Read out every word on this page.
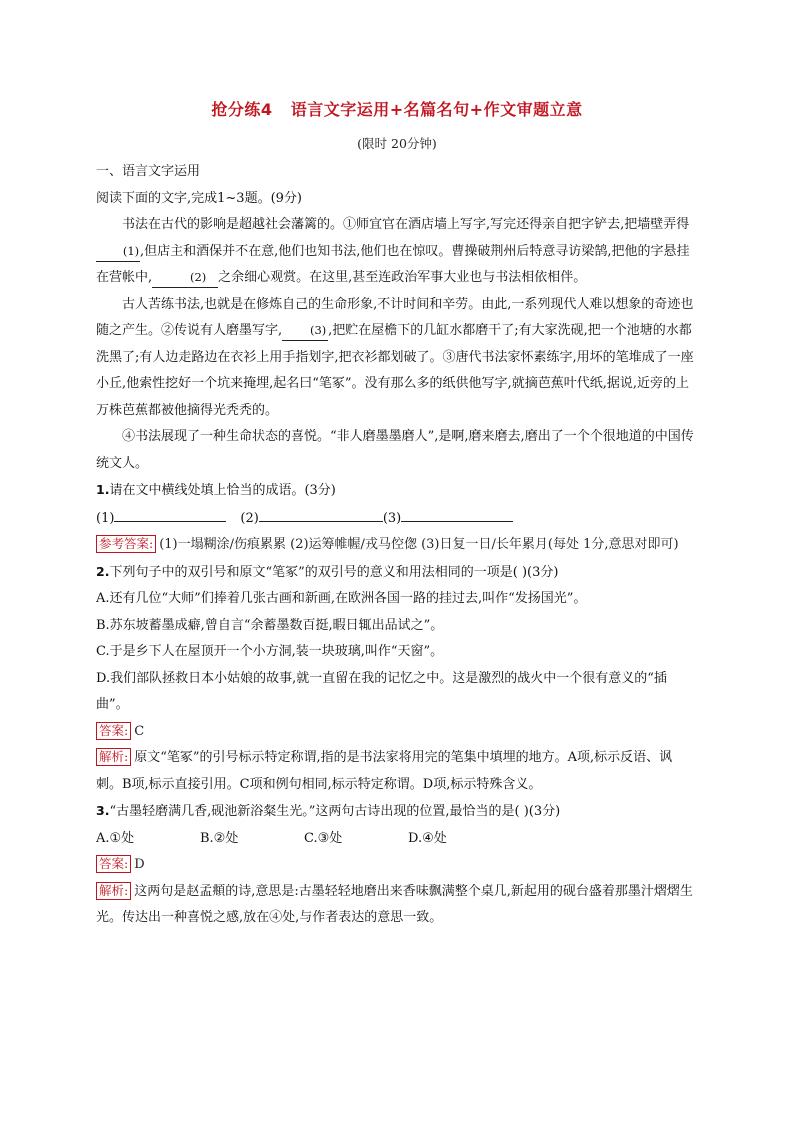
抢分练4   语言文字运用+名篇名句+作文审题立意
(限时 20分钟)

一、语言文字运用

阅读下面的文字,完成1~3题。(9分)

书法在古代的影响是超越社会藩篱的。①师宜官在酒店墙上写字,写完还得亲自把字铲去,把墙壁弄得(1),但店主和酒保并不在意,他们也知书法,他们也在惊叹。曹操破荆州后特意寻访梁鹄,把他的字悬挂在营帐中,	(2) 之余细心观赏。在这里,甚至连政治军事大业也与书法相依相伴。

古人苦练书法,也就是在修炼自己的生命形象,不计时间和辛劳。由此,一系列现代人难以想象的奇迹也随之产生。②传说有人磨墨写字, (3) ,把贮在屋檐下的几缸水都磨干了;有大家洗砚,把一个池塘的水都洗黑了;有人边走路边在衣衫上用手指划字,把衣衫都划破了。③唐代书法家怀素练字,用坏的笔堆成了一座小丘,他索性挖好一个坑来掩埋,起名曰“笔冢”。没有那么多的纸供他写字,就摘芭蕉叶代纸,据说,近旁的上万株芭蕉都被他摘得光秃秃的。

④书法展现了一种生命状态的喜悦。“非人磨墨墨磨人”,是啊,磨来磨去,磨出了一个个很地道的中国传统文人。

1.请在文中横线处填上恰当的成语。(3分)

(1)	(2)	(3)

参考答案: (1)一塌糊涂/伤痕累累 (2)运筹帷幄/戎马倥偬 (3)日复一日/长年累月(每处 1分,意思对即可)

2.下列句子中的双引号和原文“笔冢”的双引号的意义和用法相同的一项是( )(3分)

A.还有几位“大师”们捧着几张古画和新画,在欧洲各国一路的挂过去,叫作“发扬国光”。

B.苏东坡蓄墨成癖,曾自言“余蓄墨数百挺,暇日辄出品试之”。

C.于是乡下人在屋顶开一个小方洞,装一块玻璃,叫作“天窗”。

D.我们部队拯救日本小姑娘的故事,就一直留在我的记忆之中。这是激烈的战火中一个很有意义的“插曲”。

答案: C

解析: 原文“笔冢”的引号标示特定称谓,指的是书法家将用完的笔集中填埋的地方。A项,标示反语、讽刺。B项,标示直接引用。C项和例句相同,标示特定称谓。D项,标示特殊含义。

3.“古墨轻磨满几香,砚池新浴粲生光。”这两句古诗出现的位置,最恰当的是( )(3分)

A.①处	B.②处	C.③处	D.④处

答案: D

解析: 这两句是赵孟頫的诗,意思是:古墨轻轻地磨出来香味飘满整个桌几,新起用的砚台盛着那墨汁熠熠生光。传达出一种喜悦之感,放在④处,与作者表达的意思一致。
